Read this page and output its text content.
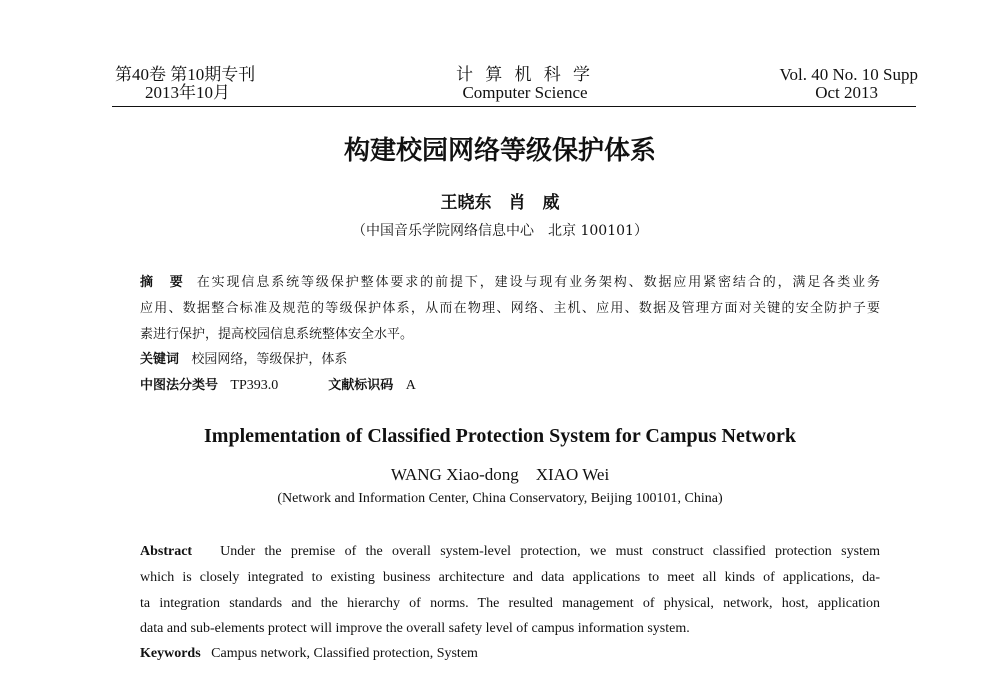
第40卷 第10期专刊
2013年10月
计 算 机 科 学
Computer Science
Vol. 40 No. 10 Supp
Oct 2013
构建校园网络等级保护体系
王晓东　肖　威
（中国音乐学院网络信息中心　北京 100101）
摘　要 在实现信息系统等级保护整体要求的前提下，建设与现有业务架构、数据应用紧密结合的，满足各类业务
应用、数据整合标准及规范的等级保护体系，从而在物理、网络、主机、应用、数据及管理方面对关键的安全防护子要
素进行保护，提高校园信息系统整体安全水平。
关键词 校园网络，等级保护，体系
中图法分类号 TP393.0	文献标识码 A
Implementation of Classified Protection System for Campus Network
WANG Xiao-dong　XIAO Wei
(Network and Information Center, China Conservatory, Beijing 100101, China)
Abstract Under the premise of the overall system-level protection, we must construct classified protection system
which is closely integrated to existing business architecture and data applications to meet all kinds of applications, da-
ta integration standards and the hierarchy of norms. The resulted management of physical, network, host, application
data and sub-elements protect will improve the overall safety level of campus information system.
Keywords Campus network, Classified protection, System
